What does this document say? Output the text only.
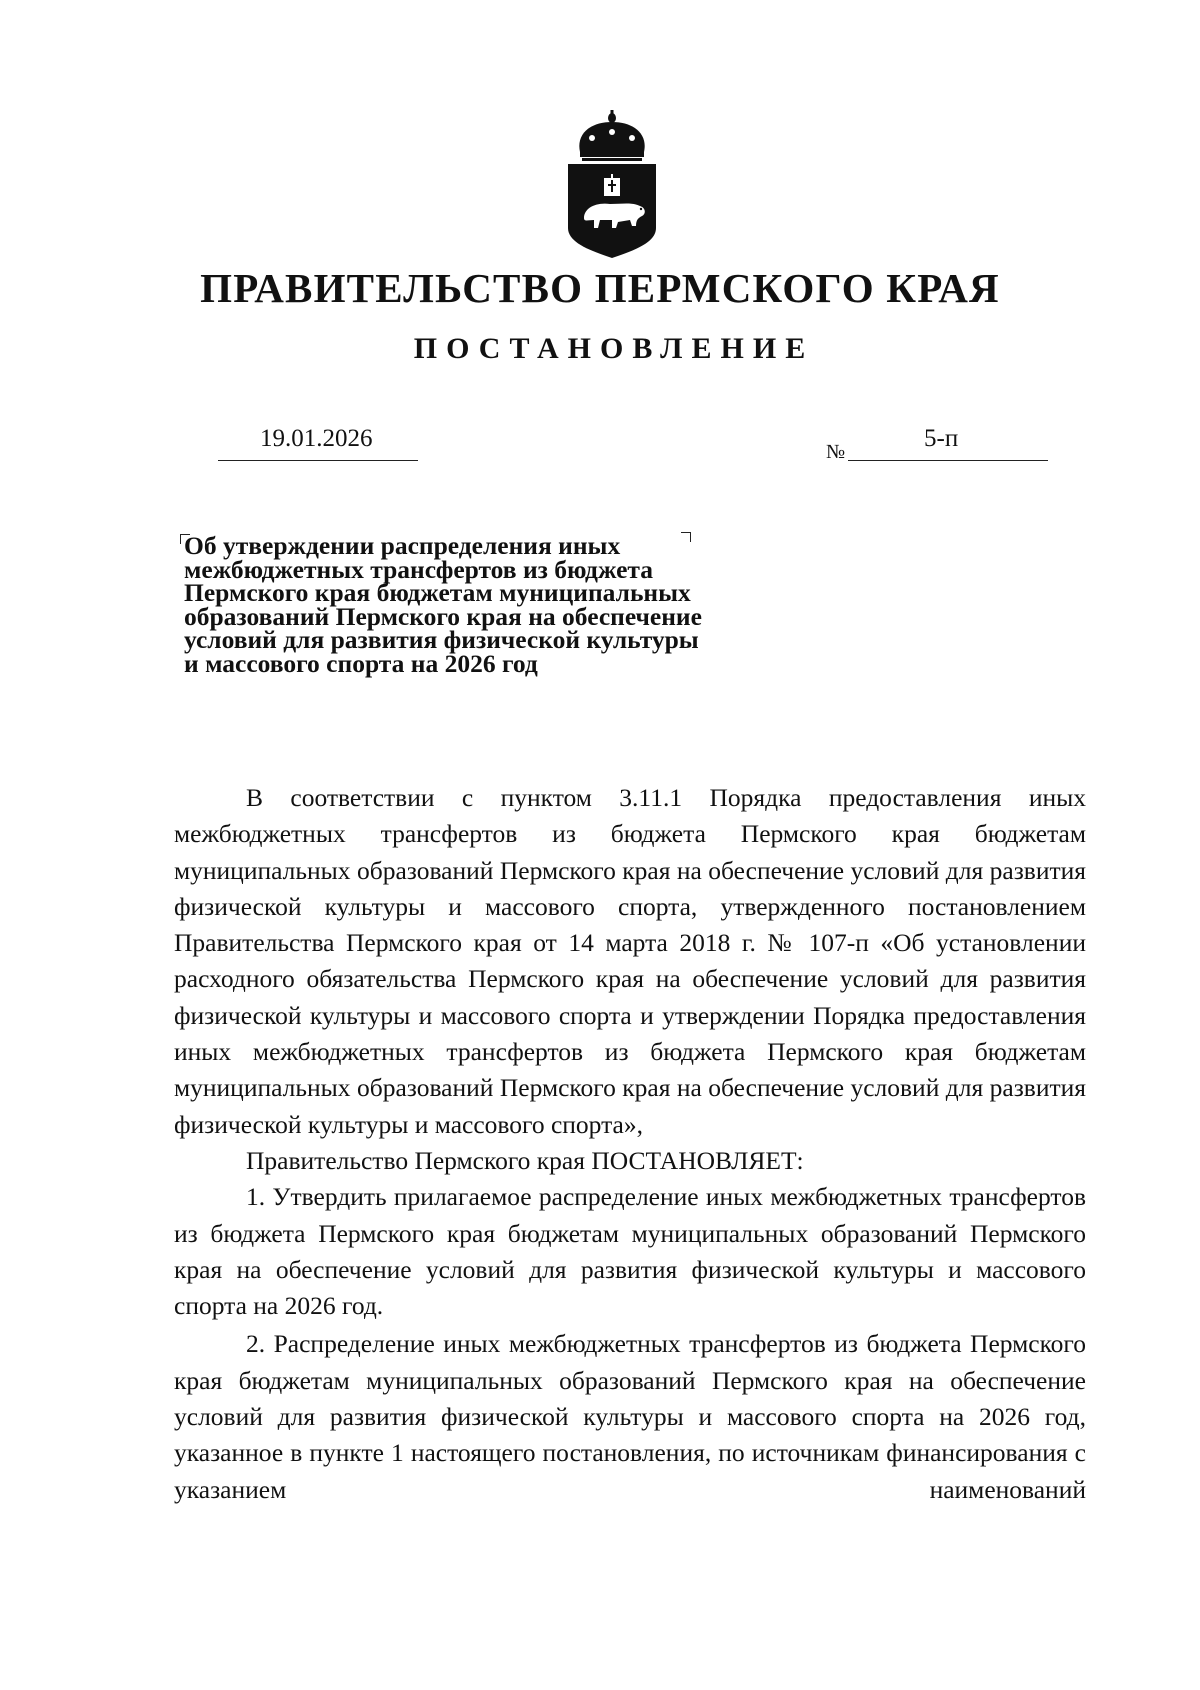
ПРАВИТЕЛЬСТВО ПЕРМСКОГО КРАЯ
ПОСТАНОВЛЕНИЕ
19.01.2026	№	5-п
Об утверждении распределения иных
межбюджетных трансфертов из бюджета
Пермского края бюджетам муниципальных
образований Пермского края на обеспечение
условий для развития физической культуры
и массового спорта на 2026 год

В соответствии с пунктом 3.11.1 Порядка предоставления иных межбюджетных трансфертов из бюджета Пермского края бюджетам муниципальных образований Пермского края на обеспечение условий для развития физической культуры и массового спорта, утвержденного постановлением Правительства Пермского края от 14 марта 2018 г. № 107-п «Об установлении расходного обязательства Пермского края на обеспечение условий для развития физической культуры и массового спорта и утверждении Порядка предоставления иных межбюджетных трансфертов из бюджета Пермского края бюджетам муниципальных образований Пермского края на обеспечение условий для развития физической культуры и массового спорта»,

Правительство Пермского края ПОСТАНОВЛЯЕТ:

1. Утвердить прилагаемое распределение иных межбюджетных трансфертов из бюджета Пермского края бюджетам муниципальных образований Пермского края на обеспечение условий для развития физической культуры и массового спорта на 2026 год.

2. Распределение иных межбюджетных трансфертов из бюджета Пермского края бюджетам муниципальных образований Пермского края на обеспечение условий для развития физической культуры и массового спорта на 2026 год, указанное в пункте 1 настоящего постановления, по источникам финансирования с указанием наименований
